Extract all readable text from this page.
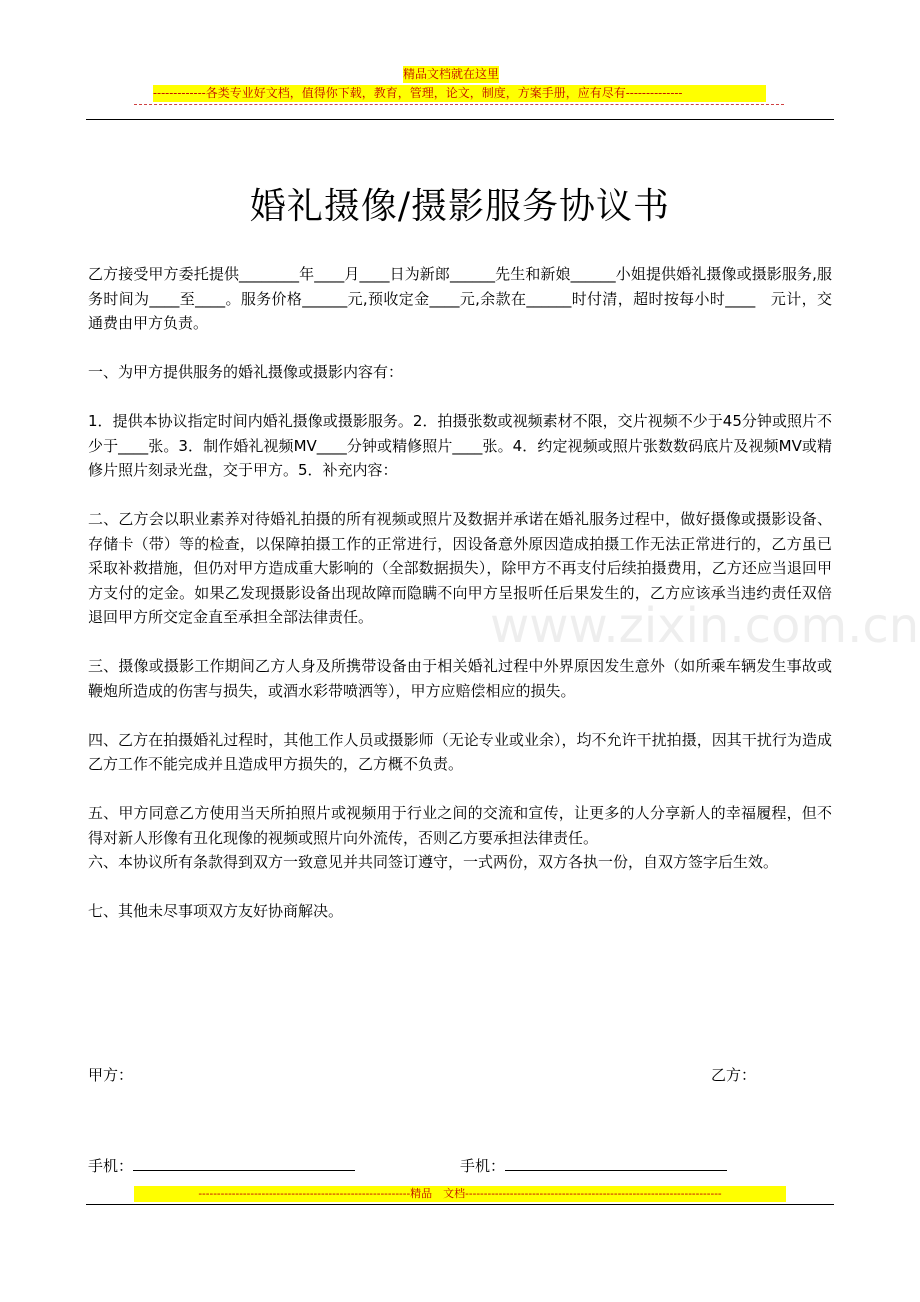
精品文档就在这里
-------------各类专业好文档，值得你下载，教育，管理，论文，制度，方案手册，应有尽有--------------
www.zixin.com.cn
婚礼摄像/摄影服务协议书

乙方接受甲方委托提供________年____月____日为新郎______先生和新娘______小姐提供婚礼摄像或摄影服务,服务时间为____至____。服务价格______元,预收定金____元,余款在______时付清，超时按每小时____　元计，交通费由甲方负责。

一、为甲方提供服务的婚礼摄像或摄影内容有：

1．提供本协议指定时间内婚礼摄像或摄影服务。2．拍摄张数或视频素材不限，交片视频不少于45分钟或照片不少于____张。3．制作婚礼视频MV____分钟或精修照片____张。4．约定视频或照片张数数码底片及视频MV或精修片照片刻录光盘，交于甲方。5．补充内容：

二、乙方会以职业素养对待婚礼拍摄的所有视频或照片及数据并承诺在婚礼服务过程中，做好摄像或摄影设备、存储卡（带）等的检查，以保障拍摄工作的正常进行，因设备意外原因造成拍摄工作无法正常进行的，乙方虽已采取补救措施，但仍对甲方造成重大影响的（全部数据损失），除甲方不再支付后续拍摄费用，乙方还应当退回甲方支付的定金。如果乙发现摄影设备出现故障而隐瞒不向甲方呈报听任后果发生的，乙方应该承当违约责任双倍退回甲方所交定金直至承担全部法律责任。

三、摄像或摄影工作期间乙方人身及所携带设备由于相关婚礼过程中外界原因发生意外（如所乘车辆发生事故或鞭炮所造成的伤害与损失，或酒水彩带喷洒等），甲方应赔偿相应的损失。

四、乙方在拍摄婚礼过程时，其他工作人员或摄影师（无论专业或业余），均不允许干扰拍摄，因其干扰行为造成乙方工作不能完成并且造成甲方损失的，乙方概不负责。

五、甲方同意乙方使用当天所拍照片或视频用于行业之间的交流和宣传，让更多的人分享新人的幸福履程，但不得对新人形像有丑化现像的视频或照片向外流传，否则乙方要承担法律责任。

六、本协议所有条款得到双方一致意见并共同签订遵守，一式两份，双方各执一份，自双方签字后生效。

七、其他未尽事项双方友好协商解决。

甲方：	乙方：
手机：	手机：
---------------------------------------------------------精品　文档---------------------------------------------------------------------
